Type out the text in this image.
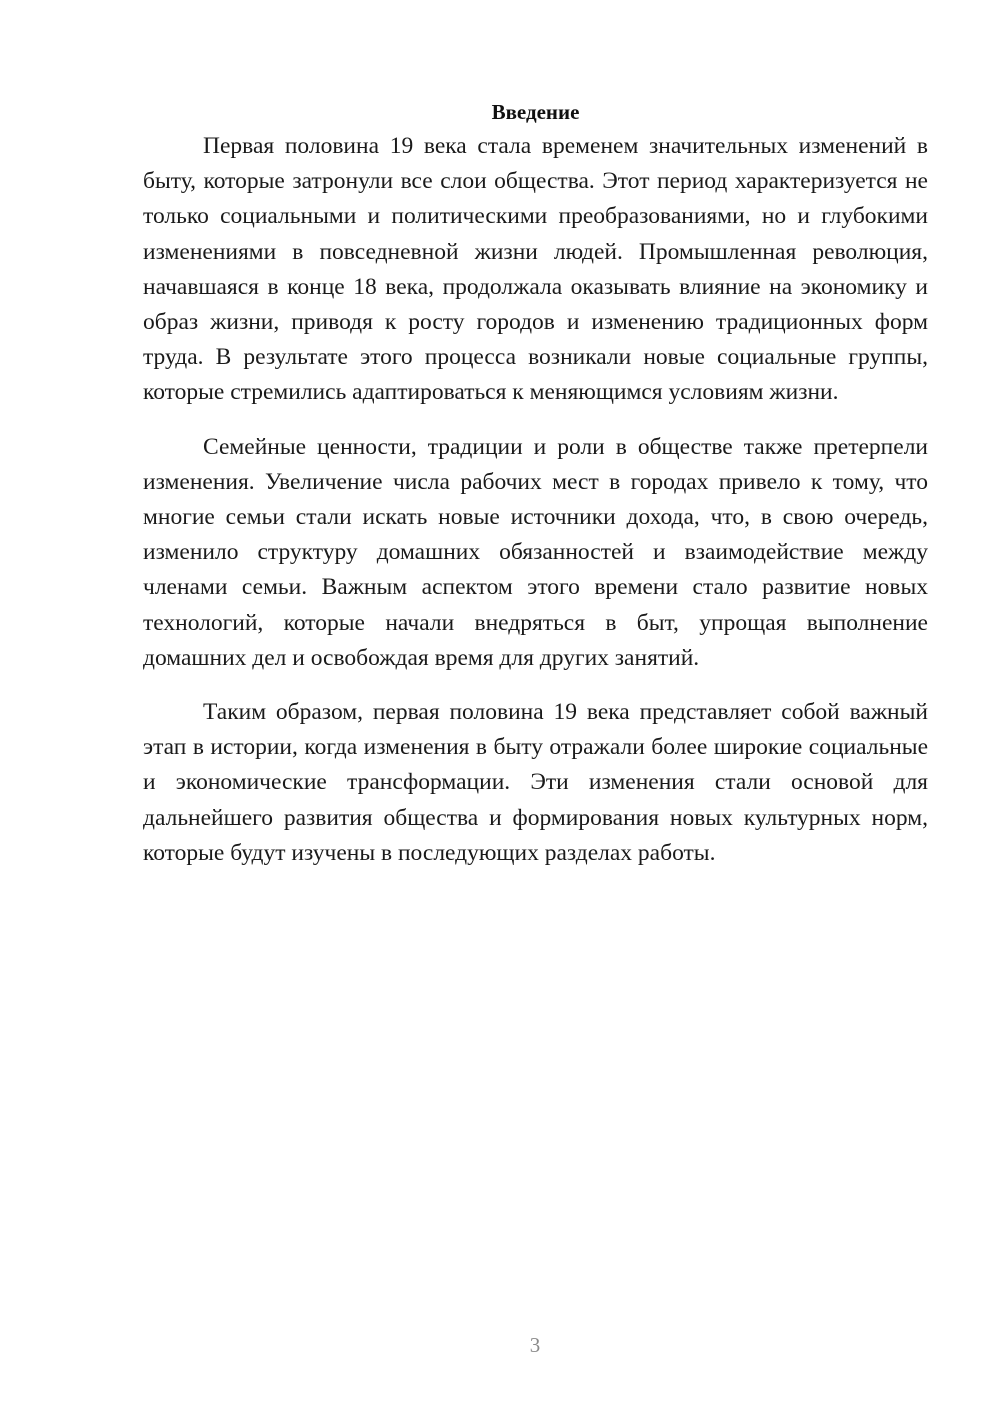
Введение

Первая половина 19 века стала временем значительных изменений в быту, которые затронули все слои общества. Этот период характеризуется не только социальными и политическими преобразованиями, но и глубокими изменениями в повседневной жизни людей. Промышленная революция, начавшаяся в конце 18 века, продолжала оказывать влияние на экономику и образ жизни, приводя к росту городов и изменению традиционных форм труда. В результате этого процесса возникали новые социальные группы, которые стремились адаптироваться к меняющимся условиям жизни.

Семейные ценности, традиции и роли в обществе также претерпели изменения. Увеличение числа рабочих мест в городах привело к тому, что многие семьи стали искать новые источники дохода, что, в свою очередь, изменило структуру домашних обязанностей и взаимодействие между членами семьи. Важным аспектом этого времени стало развитие новых технологий, которые начали внедряться в быт, упрощая выполнение домашних дел и освобождая время для других занятий.

Таким образом, первая половина 19 века представляет собой важный этап в истории, когда изменения в быту отражали более широкие социальные и экономические трансформации. Эти изменения стали основой для дальнейшего развития общества и формирования новых культурных норм, которые будут изучены в последующих разделах работы.

3
